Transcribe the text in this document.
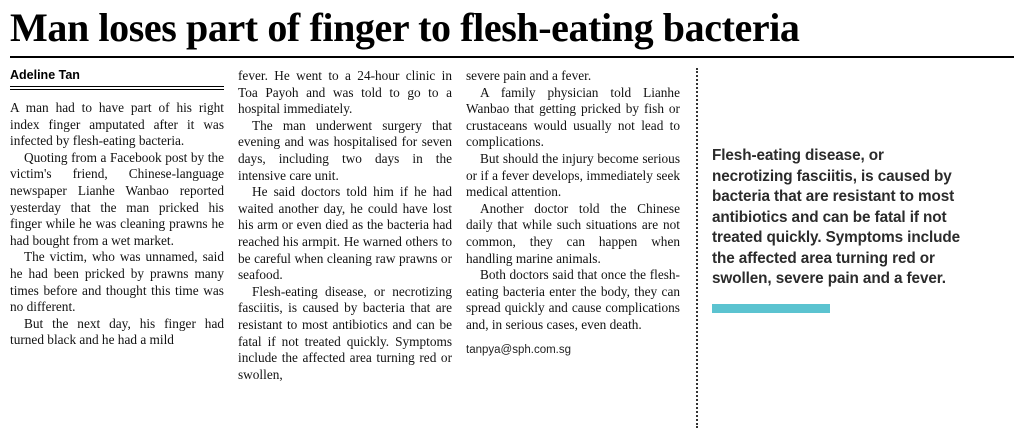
Man loses part of finger to flesh-eating bacteria
Adeline Tan

A man had to have part of his right index finger amputated after it was infected by flesh-eating bacteria.

Quoting from a Facebook post by the victim's friend, Chinese-language newspaper Lianhe Wanbao reported yesterday that the man pricked his finger while he was cleaning prawns he had bought from a wet market.

The victim, who was unnamed, said he had been pricked by prawns many times before and thought this time was no different.

But the next day, his finger had turned black and he had a mild

fever. He went to a 24-hour clinic in Toa Payoh and was told to go to a hospital immediately.

The man underwent surgery that evening and was hospitalised for seven days, including two days in the intensive care unit.

He said doctors told him if he had waited another day, he could have lost his arm or even died as the bacteria had reached his armpit. He warned others to be careful when cleaning raw prawns or seafood.

Flesh-eating disease, or necrotizing fasciitis, is caused by bacteria that are resistant to most antibiotics and can be fatal if not treated quickly. Symptoms include the affected area turning red or swollen,

severe pain and a fever.

A family physician told Lianhe Wanbao that getting pricked by fish or crustaceans would usually not lead to complications.

But should the injury become serious or if a fever develops, immediately seek medical attention.

Another doctor told the Chinese daily that while such situations are not common, they can happen when handling marine animals.

Both doctors said that once the flesh-eating bacteria enter the body, they can spread quickly and cause complications and, in serious cases, even death.

tanpya@sph.com.sg
Flesh-eating disease, or necrotizing fasciitis, is caused by bacteria that are resistant to most antibiotics and can be fatal if not treated quickly. Symptoms include the affected area turning red or swollen, severe pain and a fever.
